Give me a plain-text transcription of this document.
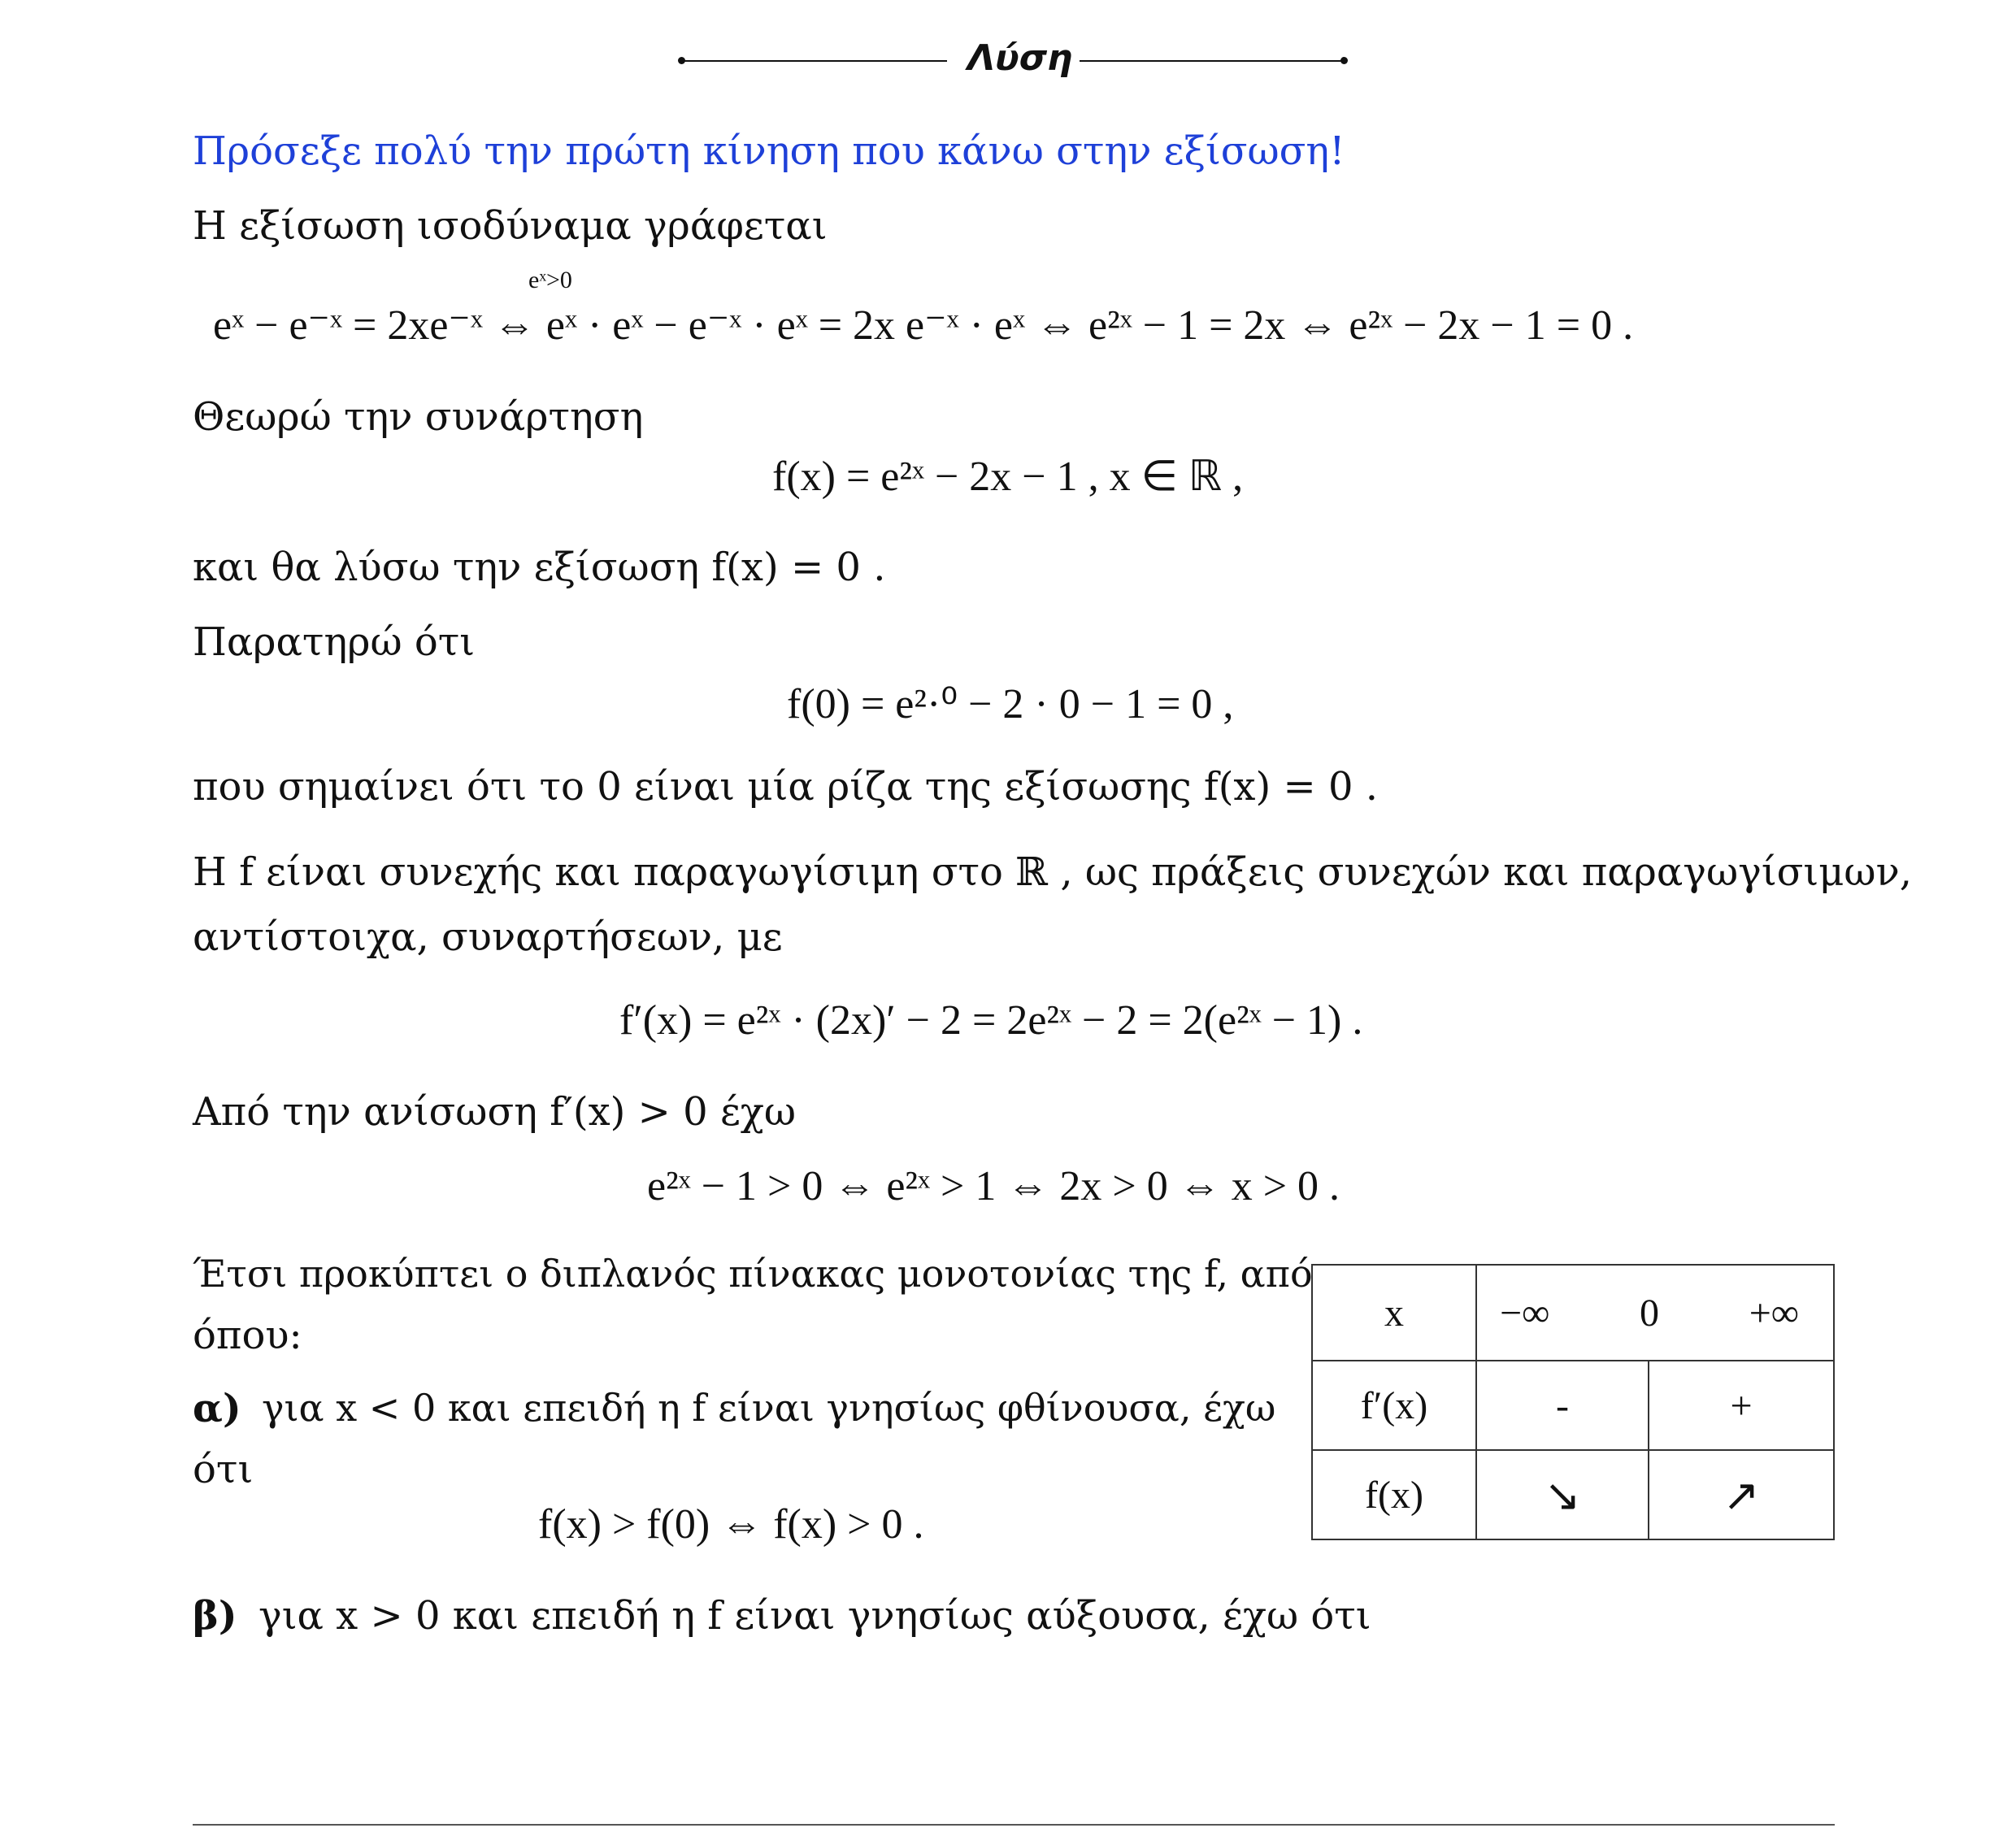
Λύση
Πρόσεξε πολύ την πρώτη κίνηση που κάνω στην εξίσωση!
Η εξίσωση ισοδύναμα γράφεται
eˣ>0
eˣ − e⁻ˣ = 2xe⁻ˣ ⇔ eˣ · eˣ − e⁻ˣ · eˣ = 2x e⁻ˣ · eˣ ⇔ e²ˣ − 1 = 2x ⇔ e²ˣ − 2x − 1 = 0 .
Θεωρώ την συνάρτηση
f(x) = e²ˣ − 2x − 1 , x ∈ ℝ ,
και θα λύσω την εξίσωση f(x) = 0 .
Παρατηρώ ότι
f(0) = e²·⁰ − 2 · 0 − 1 = 0 ,
που σημαίνει ότι το 0 είναι μία ρίζα της εξίσωσης f(x) = 0 .
Η f είναι συνεχής και παραγωγίσιμη στο ℝ , ως πράξεις συνεχών και παραγωγίσιμων,
αντίστοιχα, συναρτήσεων, με
f′(x) = e²ˣ · (2x)′ − 2 = 2e²ˣ − 2 = 2(e²ˣ − 1) .
Από την ανίσωση f′(x) > 0 έχω
e²ˣ − 1 > 0 ⇔ e²ˣ > 1 ⇔ 2x > 0 ⇔ x > 0 .
Έτσι προκύπτει ο διπλανός πίνακας μονοτονίας της f, από
όπου:
α) για x < 0 και επειδή η f είναι γνησίως φθίνουσα, έχω
ότι
f(x) > f(0) ⇔ f(x) > 0 .
β) για x > 0 και επειδή η f είναι γνησίως αύξουσα, έχω ότι
x	−∞ 0 +∞	

f′(x)	-	+
f(x)	↘	↗
